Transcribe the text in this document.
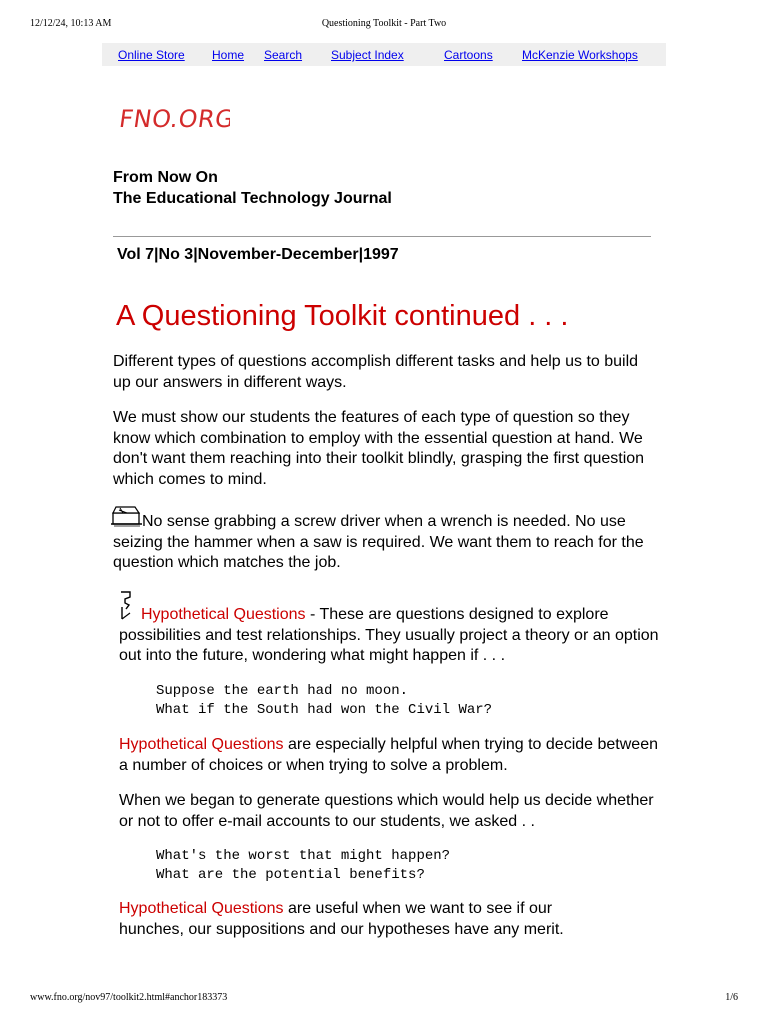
12/12/24, 10:13 AM	Questioning Toolkit - Part Two
Online Store Home Search Subject Index	Cartoons McKenzie Workshops
FNO.ORG
From Now On
The Educational Technology Journal
Vol 7|No 3|November-December|1997
A Questioning Toolkit continued . . .

Different types of questions accomplish different tasks and help us to build up our answers in different ways.

We must show our students the features of each type of question so they know which combination to employ with the essential question at hand. We don't want them reaching into their toolkit blindly, grasping the first question which comes to mind.

No sense grabbing a screw driver when a wrench is needed. No use seizing the hammer when a saw is required. We want them to reach for the question which matches the job.

Hypothetical Questions - These are questions designed to explore possibilities and test relationships. They usually project a theory or an option out into the future, wondering what might happen if . . .

Suppose the earth had no moon.
What if the South had won the Civil War?

Hypothetical Questions are especially helpful when trying to decide between a number of choices or when trying to solve a problem.

When we began to generate questions which would help us decide whether or not to offer e-mail accounts to our students, we asked . .

What's the worst that might happen?
What are the potential benefits?

Hypothetical Questions are useful when we want to see if our hunches, our suppositions and our hypotheses have any merit.

www.fno.org/nov97/toolkit2.html#anchor183373	1/6
